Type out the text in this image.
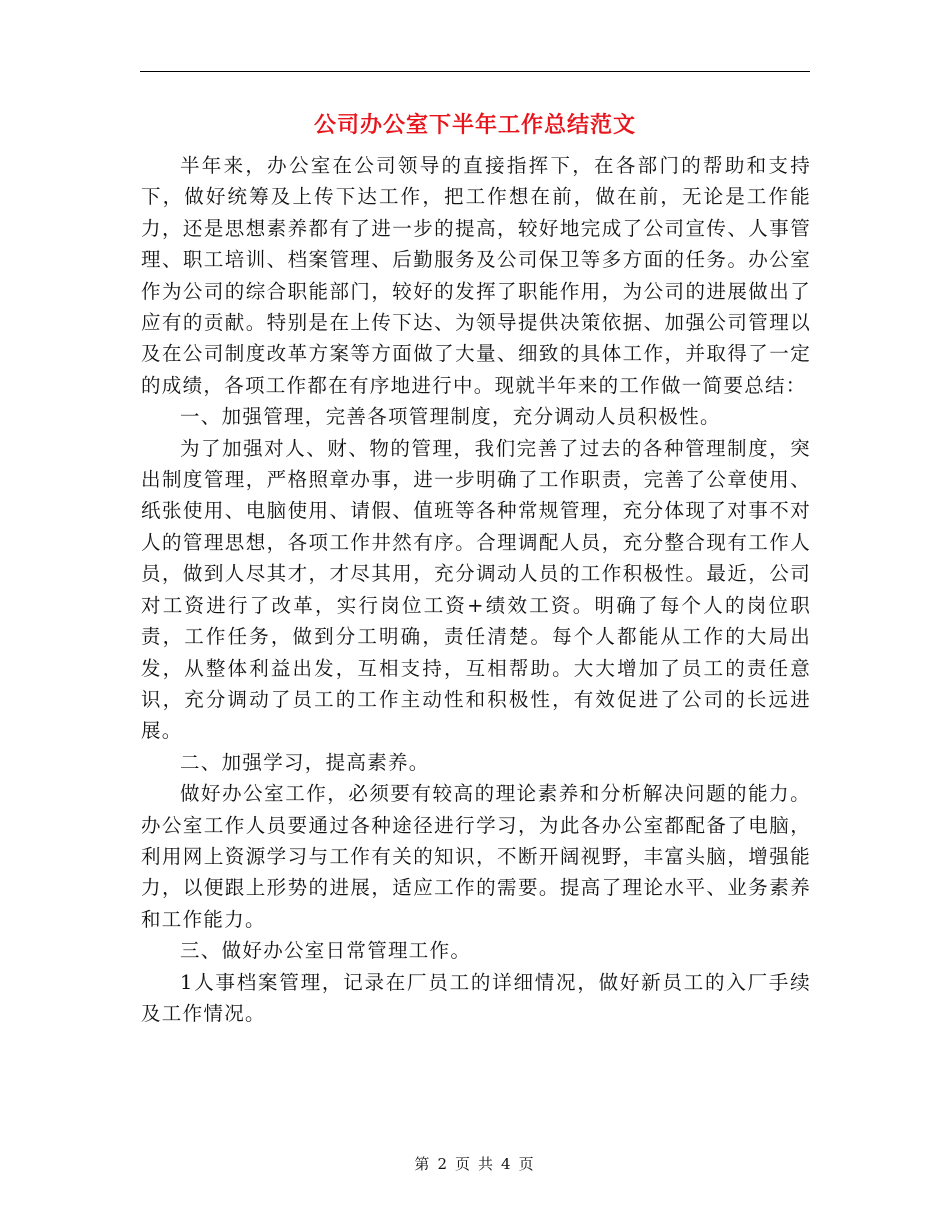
公司办公室下半年工作总结范文

半年来，办公室在公司领导的直接指挥下，在各部门的帮助和支持下，做好统筹及上传下达工作，把工作想在前，做在前，无论是工作能力，还是思想素养都有了进一步的提高，较好地完成了公司宣传、人事管理、职工培训、档案管理、后勤服务及公司保卫等多方面的任务。办公室作为公司的综合职能部门，较好的发挥了职能作用，为公司的进展做出了应有的贡献。特别是在上传下达、为领导提供决策依据、加强公司管理以及在公司制度改革方案等方面做了大量、细致的具体工作，并取得了一定的成绩，各项工作都在有序地进行中。现就半年来的工作做一简要总结：

一、加强管理，完善各项管理制度，充分调动人员积极性。

为了加强对人、财、物的管理，我们完善了过去的各种管理制度，突出制度管理，严格照章办事，进一步明确了工作职责，完善了公章使用、纸张使用、电脑使用、请假、值班等各种常规管理，充分体现了对事不对人的管理思想，各项工作井然有序。合理调配人员，充分整合现有工作人员，做到人尽其才，才尽其用，充分调动人员的工作积极性。最近，公司对工资进行了改革，实行岗位工资+绩效工资。明确了每个人的岗位职责，工作任务，做到分工明确，责任清楚。每个人都能从工作的大局出发，从整体利益出发，互相支持，互相帮助。大大增加了员工的责任意识，充分调动了员工的工作主动性和积极性，有效促进了公司的长远进展。

二、加强学习，提高素养。

做好办公室工作，必须要有较高的理论素养和分析解决问题的能力。办公室工作人员要通过各种途径进行学习，为此各办公室都配备了电脑，利用网上资源学习与工作有关的知识，不断开阔视野，丰富头脑，增强能力，以便跟上形势的进展，适应工作的需要。提高了理论水平、业务素养和工作能力。

三、做好办公室日常管理工作。

1人事档案管理，记录在厂员工的详细情况，做好新员工的入厂手续及工作情况。

第 2 页 共 4 页
